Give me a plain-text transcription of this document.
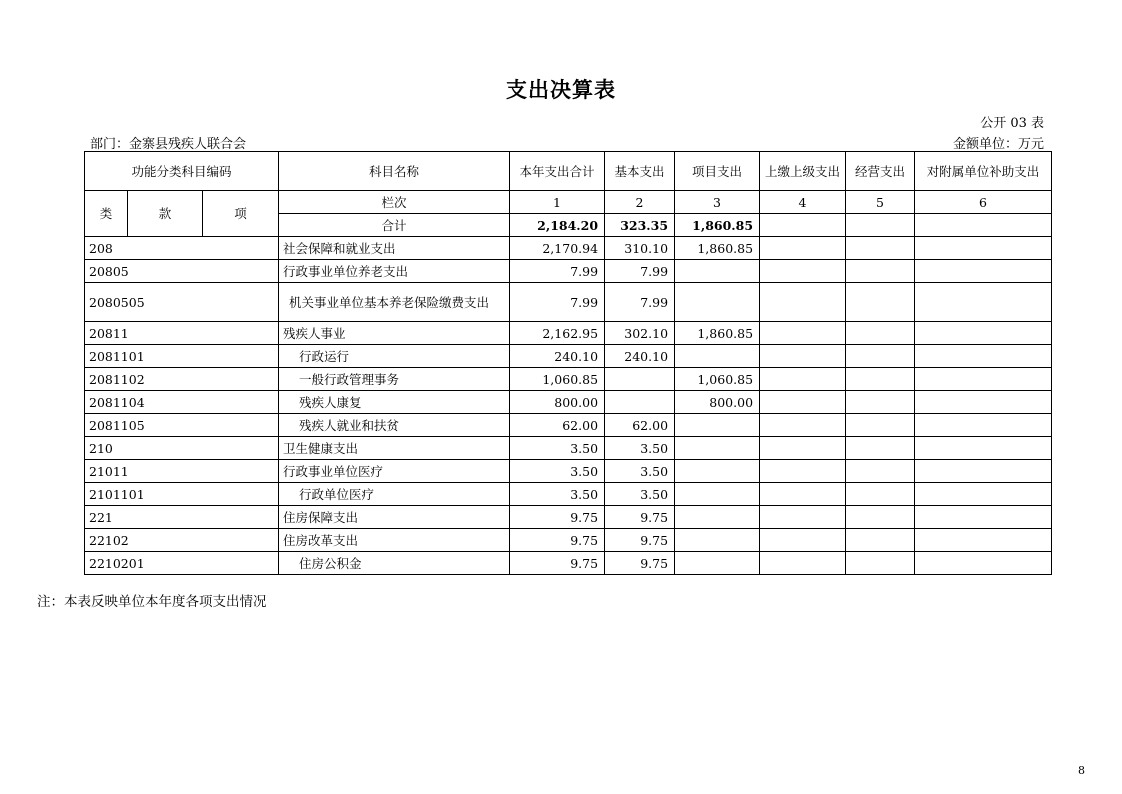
支出决算表
公开 03 表
部门：金寨县残疾人联合会	金额单位：万元
功能分类科目编码			科目名称	本年支出合计	基本支出	项目支出	上缴上级支出	经营支出	对附属单位补助支出
类	款	项	栏次	1	2	3	4	5	6
			合计	2,184.20	323.35	1,860.85			
208			社会保障和就业支出	2,170.94	310.10	1,860.85			
20805			行政事业单位养老支出	7.99	7.99				
2080505			机关事业单位基本养老保险缴费支出	7.99	7.99				
20811			残疾人事业	2,162.95	302.10	1,860.85			
2081101			行政运行	240.10	240.10				
2081102			一般行政管理事务	1,060.85		1,060.85			
2081104			残疾人康复	800.00		800.00			
2081105			残疾人就业和扶贫	62.00	62.00				
210			卫生健康支出	3.50	3.50				
21011			行政事业单位医疗	3.50	3.50				
2101101			行政单位医疗	3.50	3.50				
221			住房保障支出	9.75	9.75				
22102			住房改革支出	9.75	9.75				
2210201			住房公积金	9.75	9.75				
注：本表反映单位本年度各项支出情况
8
